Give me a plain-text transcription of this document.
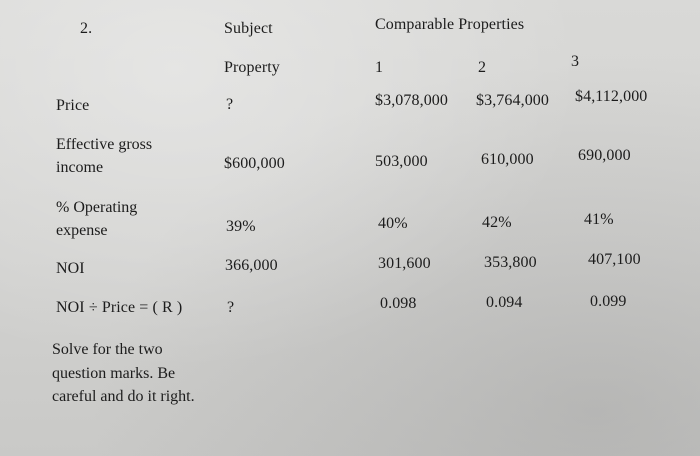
2.	Subject
Property
Comparable Properties
1	2	3
Price	?	$3,078,000 $3,764,000 $4,112,000
Effective gross
income	$600,000	503,000	610,000	690,000
% Operating
expense	39%	40%	42%	41%
NOI	366,000	301,600	353,800	407,100
NOI ÷ Price = ( R )	?	0.098	0.094	0.099
Solve for the two question marks. Be careful and do it right.
